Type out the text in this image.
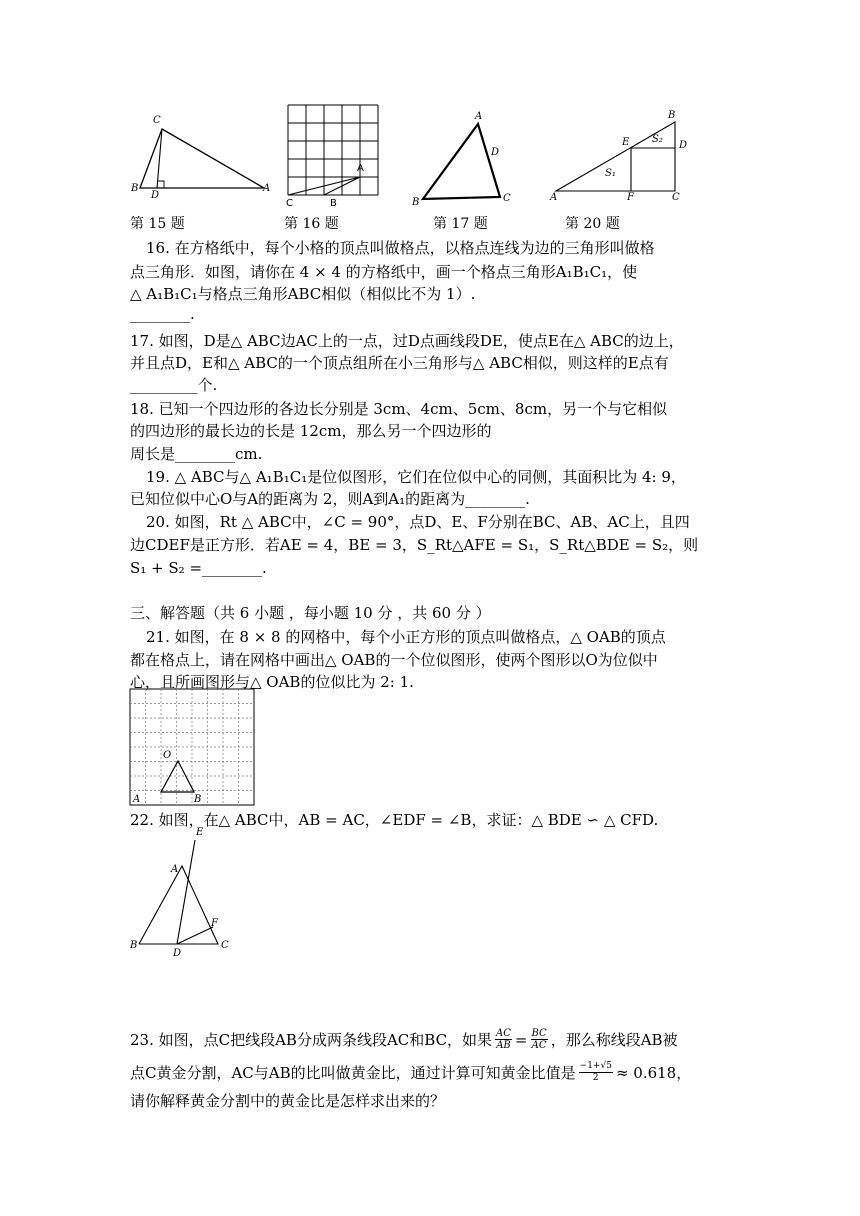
C
B
D
A
A
C	B
A
D
B	C
B
E S₂
D
S₁
A	F	C
第 15 题	第 16 题	第 17 题	第 20 题
16. 在方格纸中，每个小格的顶点叫做格点，以格点连线为边的三角形叫做格
点三角形．如图，请你在 4 × 4 的方格纸中，画一个格点三角形A₁B₁C₁，使
△ A₁B₁C₁与格点三角形ABC相似（相似比不为 1）.
________.
17. 如图，D是△ ABC边AC上的一点，过D点画线段DE，使点E在△ ABC的边上，
并且点D，E和△ ABC的一个顶点组所在小三角形与△ ABC相似，则这样的E点有
_________个.
18. 已知一个四边形的各边长分别是 3cm、4cm、5cm、8cm，另一个与它相似
的四边形的最长边的长是 12cm，那么另一个四边形的
周长是________cm.
19. △ ABC与△ A₁B₁C₁是位似图形，它们在位似中心的同侧，其面积比为 4: 9，
已知位似中心O与A的距离为 2，则A到A₁的距离为________.
20. 如图，Rt △ ABC中，∠C = 90°，点D、E、F分别在BC、AB、AC上，且四
边CDEF是正方形．若AE = 4，BE = 3，S_Rt△AFE = S₁，S_Rt△BDE = S₂，则
S₁ + S₂ =________.
三、解答题（共 6 小题 ，每小题 10 分 ，共 60 分 ）
21. 如图，在 8 × 8 的网格中，每个小正方形的顶点叫做格点，△ OAB的顶点
都在格点上，请在网格中画出△ OAB的一个位似图形，使两个图形以O为位似中
心，且所画图形与△ OAB的位似比为 2: 1.
O
A	B
22. 如图，在△ ABC中，AB = AC，∠EDF = ∠B，求证：△ BDE ∽ △ CFD.
E
A
F
B
D
C
23. 如图，点C把线段AB分成两条线段AC和BC，如果 $\frac{AC}{AB} = \frac{BC}{AC}$ ，那么称线段AB被
点C黄金分割，AC与AB的比叫做黄金比，通过计算可知黄金比值是 $\frac{-1+√5}{2} \approx 0.618$，
请你解释黄金分割中的黄金比是怎样求出来的？
